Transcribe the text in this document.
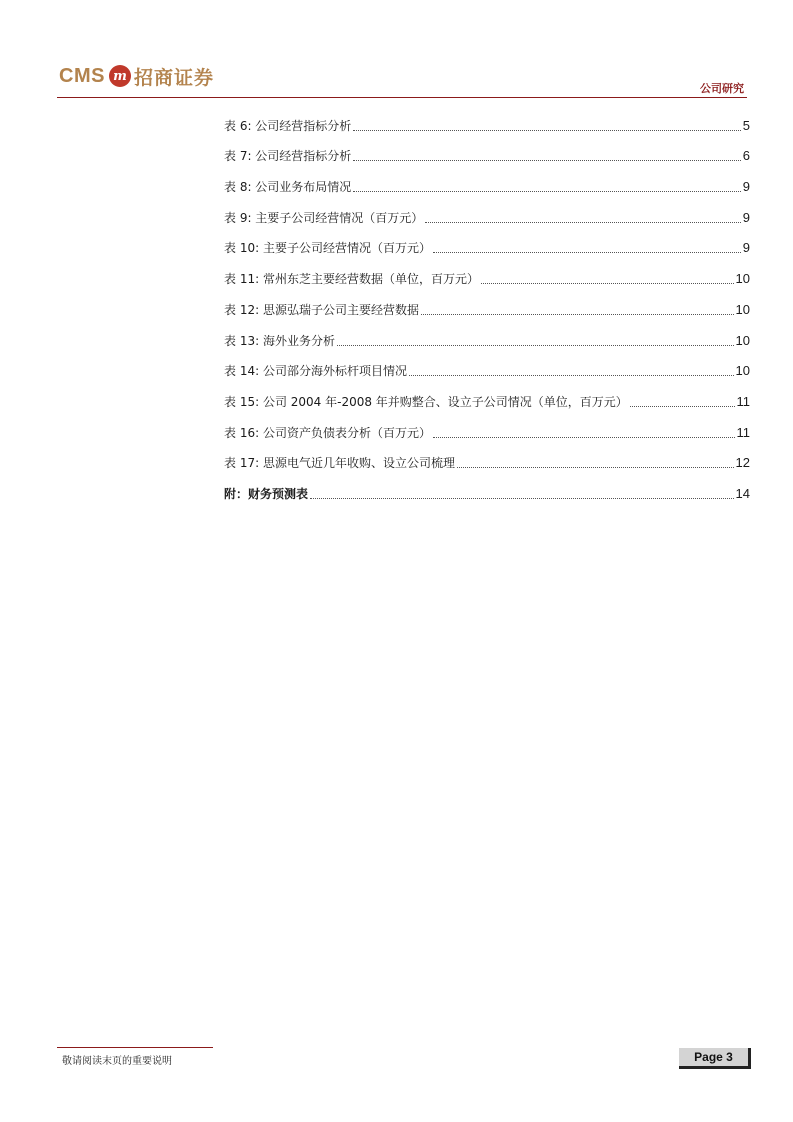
CMS m 招商证券	公司研究
表 6: 公司经营指标分析	5
表 7: 公司经营指标分析	6
表 8: 公司业务布局情况	9
表 9: 主要子公司经营情况（百万元）	9
表 10: 主要子公司经营情况（百万元）	9
表 11: 常州东芝主要经营数据（单位，百万元）	10
表 12: 思源弘瑞子公司主要经营数据	10
表 13: 海外业务分析	10
表 14: 公司部分海外标杆项目情况	10
表 15: 公司 2004 年-2008 年并购整合、设立子公司情况（单位，百万元）	11
表 16: 公司资产负债表分析（百万元）	11
表 17: 思源电气近几年收购、设立公司梳理	12
附：财务预测表	14
敬请阅读末页的重要说明	Page 3
